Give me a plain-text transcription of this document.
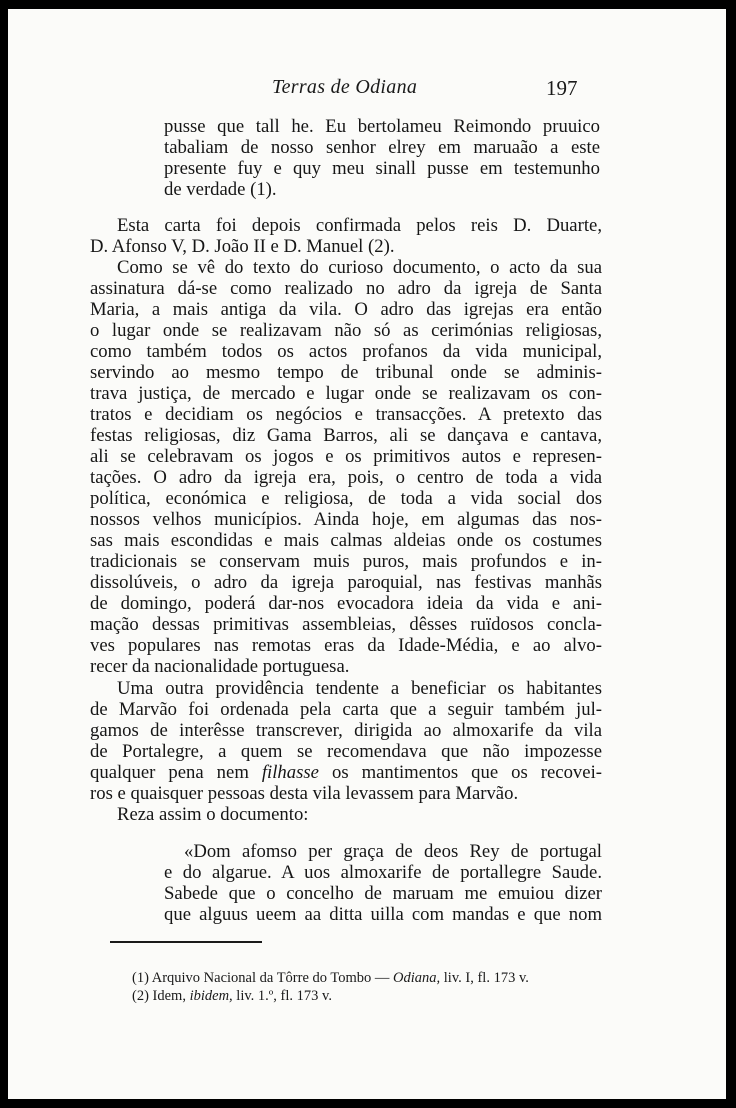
Terras de Odiana	197
pusse que tall he. Eu bertolameu Reimondo pruuico
tabaliam de nosso senhor elrey em maruaão a este
presente fuy e quy meu sinall pusse em testemunho
de verdade (1).
Esta carta foi depois confirmada pelos reis D. Duarte,
D. Afonso V, D. João II e D. Manuel (2).
Como se vê do texto do curioso documento, o acto da sua
assinatura dá-se como realizado no adro da igreja de Santa
Maria, a mais antiga da vila. O adro das igrejas era então
o lugar onde se realizavam não só as cerimónias religiosas,
como também todos os actos profanos da vida municipal,
servindo ao mesmo tempo de tribunal onde se adminis-
trava justiça, de mercado e lugar onde se realizavam os con-
tratos e decidiam os negócios e transacções. A pretexto das
festas religiosas, diz Gama Barros, ali se dançava e cantava,
ali se celebravam os jogos e os primitivos autos e represen-
tações. O adro da igreja era, pois, o centro de toda a vida
política, económica e religiosa, de toda a vida social dos
nossos velhos municípios. Ainda hoje, em algumas das nos-
sas mais escondidas e mais calmas aldeias onde os costumes
tradicionais se conservam muis puros, mais profundos e in-
dissolúveis, o adro da igreja paroquial, nas festivas manhãs
de domingo, poderá dar-nos evocadora ideia da vida e ani-
mação dessas primitivas assembleias, dêsses ruïdosos concla-
ves populares nas remotas eras da Idade-Média, e ao alvo-
recer da nacionalidade portuguesa.
Uma outra providência tendente a beneficiar os habitantes
de Marvão foi ordenada pela carta que a seguir também jul-
gamos de interêsse transcrever, dirigida ao almoxarife da vila
de Portalegre, a quem se recomendava que não impozesse
qualquer pena nem filhasse os mantimentos que os recovei-
ros e quaisquer pessoas desta vila levassem para Marvão.
Reza assim o documento:
«Dom afomso per graça de deos Rey de portugal
e do algarue. A uos almoxarife de portallegre Saude.
Sabede que o concelho de maruam me emuiou dizer
que alguus ueem aa ditta uilla com mandas e que nom
(1) Arquivo Nacional da Tôrre do Tombo — Odiana, liv. I, fl. 173 v.
(2) Idem, ibidem, liv. 1.º, fl. 173 v.
